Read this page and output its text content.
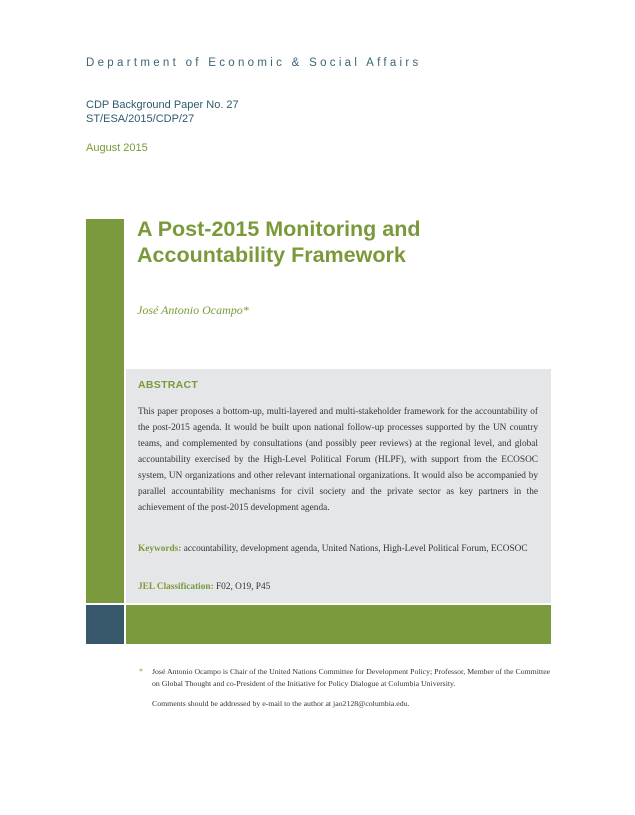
Department of Economic & Social Affairs
CDP Background Paper No. 27
ST/ESA/2015/CDP/27
August 2015
A Post-2015 Monitoring and
Accountability Framework
José Antonio Ocampo*
ABSTRACT
This paper proposes a bottom-up, multi-layered and multi-stakeholder framework for the accountability of the post-2015 agenda. It would be built upon national follow-up processes supported by the UN country teams, and complemented by consultations (and possibly peer reviews) at the regional level, and global accountability exercised by the High-Level Political Forum (HLPF), with support from the ECOSOC system, UN organizations and other relevant international organizations. It would also be accompanied by parallel accountability mechanisms for civil society and the private sector as key partners in the achievement of the post-2015 development agenda.
Keywords: accountability, development agenda, United Nations, High-Level Political Forum, ECOSOC
JEL Classification: F02, O19, P45
* José Antonio Ocampo is Chair of the United Nations Committee for Development Policy; Professor, Member of the Committee on Global Thought and co-President of the Initiative for Policy Dialogue at Columbia University.
Comments should be addressed by e-mail to the author at jao2128@columbia.edu.
